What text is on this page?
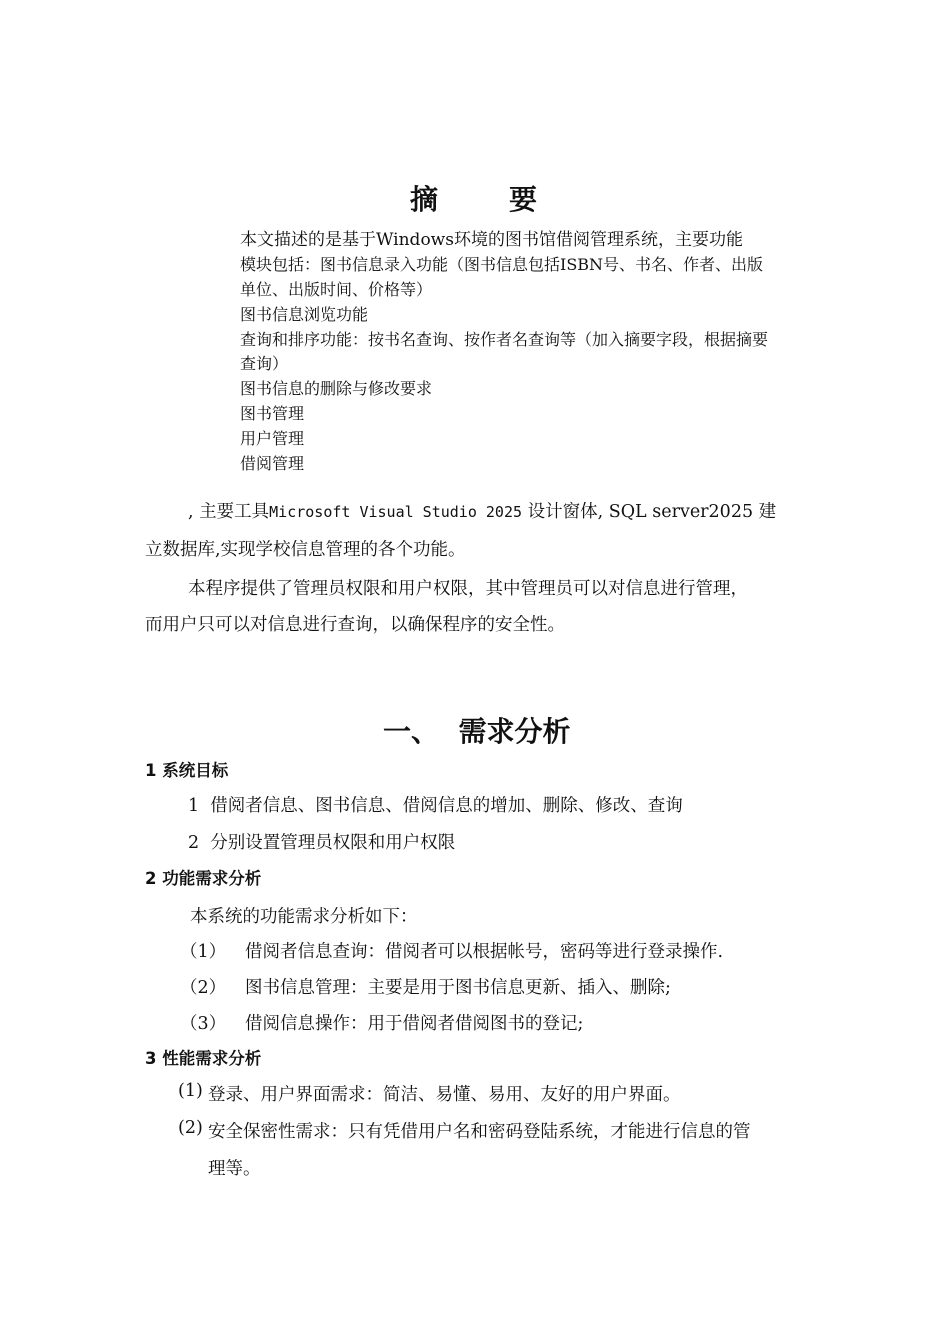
摘	要
本文描述的是基于Windows环境的图书馆借阅管理系统，主要功能
模块包括：图书信息录入功能（图书信息包括ISBN号、书名、作者、出版
单位、出版时间、价格等）
图书信息浏览功能
查询和排序功能：按书名查询、按作者名查询等（加入摘要字段，根据摘要
查询）
图书信息的删除与修改要求
图书管理
用户管理
借阅管理
, 主要工具Microsoft Visual Studio 2025 设计窗体, SQL server2025 建
立数据库,实现学校信息管理的各个功能。
本程序提供了管理员权限和用户权限，其中管理员可以对信息进行管理，
而用户只可以对信息进行查询，以确保程序的安全性。
一、  需求分析
1 系统目标
1  借阅者信息、图书信息、借阅信息的增加、删除、修改、查询
2  分别设置管理员权限和用户权限
2 功能需求分析
本系统的功能需求分析如下：
（1） 借阅者信息查询：借阅者可以根据帐号，密码等进行登录操作.
（2） 图书信息管理：主要是用于图书信息更新、插入、删除;
（3） 借阅信息操作：用于借阅者借阅图书的登记;
3 性能需求分析
(1) 登录、用户界面需求：简洁、易懂、易用、友好的用户界面。
(2) 安全保密性需求：只有凭借用户名和密码登陆系统，才能进行信息的管
理等。
